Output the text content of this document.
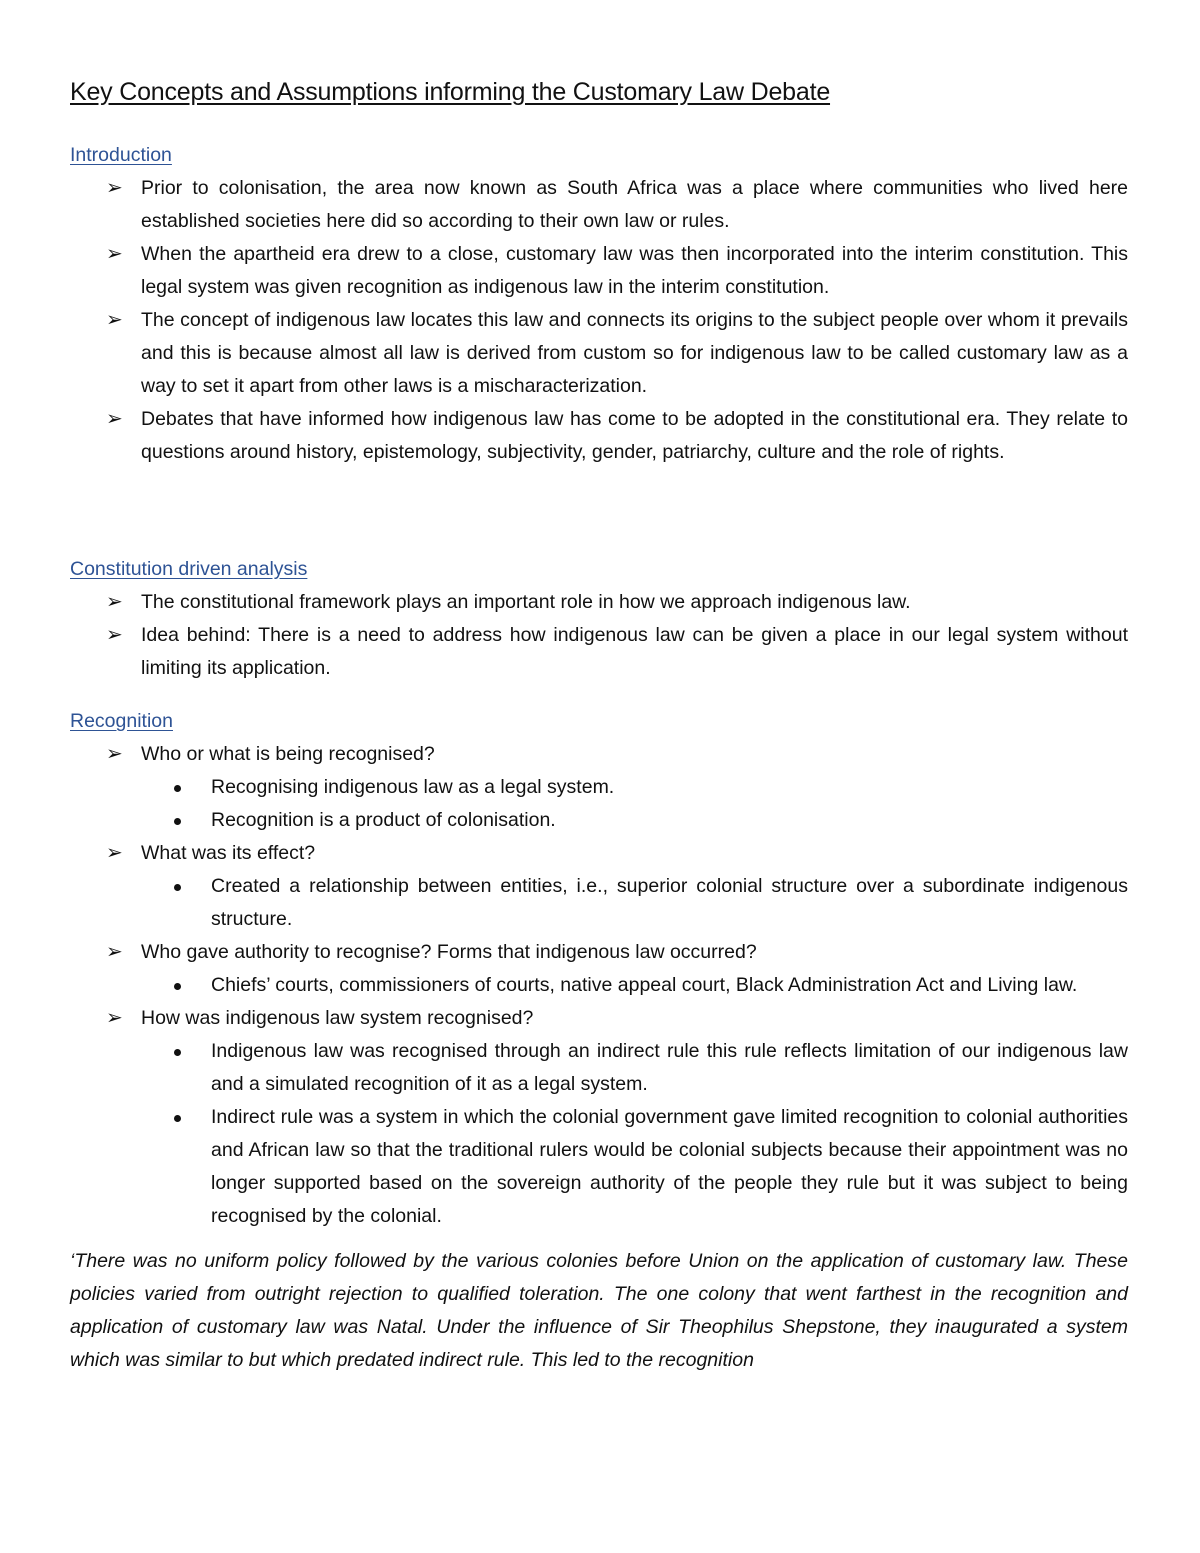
Key Concepts and Assumptions informing the Customary Law Debate
Introduction
➢ Prior to colonisation, the area now known as South Africa was a place where communities who lived here established societies here did so according to their own law or rules.
➢ When the apartheid era drew to a close, customary law was then incorporated into the interim constitution. This legal system was given recognition as indigenous law in the interim constitution.
➢ The concept of indigenous law locates this law and connects its origins to the subject people over whom it prevails and this is because almost all law is derived from custom so for indigenous law to be called customary law as a way to set it apart from other laws is a mischaracterization.
➢ Debates that have informed how indigenous law has come to be adopted in the constitutional era. They relate to questions around history, epistemology, subjectivity, gender, patriarchy, culture and the role of rights.
Constitution driven analysis
➢ The constitutional framework plays an important role in how we approach indigenous law.
➢ Idea behind: There is a need to address how indigenous law can be given a place in our legal system without limiting its application.
Recognition
➢ Who or what is being recognised?
Recognising indigenous law as a legal system.
Recognition is a product of colonisation.
➢ What was its effect?
Created a relationship between entities, i.e., superior colonial structure over a subordinate indigenous structure.
➢ Who gave authority to recognise? Forms that indigenous law occurred?
Chiefs’ courts, commissioners of courts, native appeal court, Black Administration Act and Living law.
➢ How was indigenous law system recognised?
Indigenous law was recognised through an indirect rule this rule reflects limitation of our indigenous law and a simulated recognition of it as a legal system.
Indirect rule was a system in which the colonial government gave limited recognition to colonial authorities and African law so that the traditional rulers would be colonial subjects because their appointment was no longer supported based on the sovereign authority of the people they rule but it was subject to being recognised by the colonial.

‘There was no uniform policy followed by the various colonies before Union on the application of customary law. These policies varied from outright rejection to qualified toleration. The one colony that went farthest in the recognition and application of customary law was Natal. Under the influence of Sir Theophilus Shepstone, they inaugurated a system which was similar to but which predated indirect rule. This led to the recognition
